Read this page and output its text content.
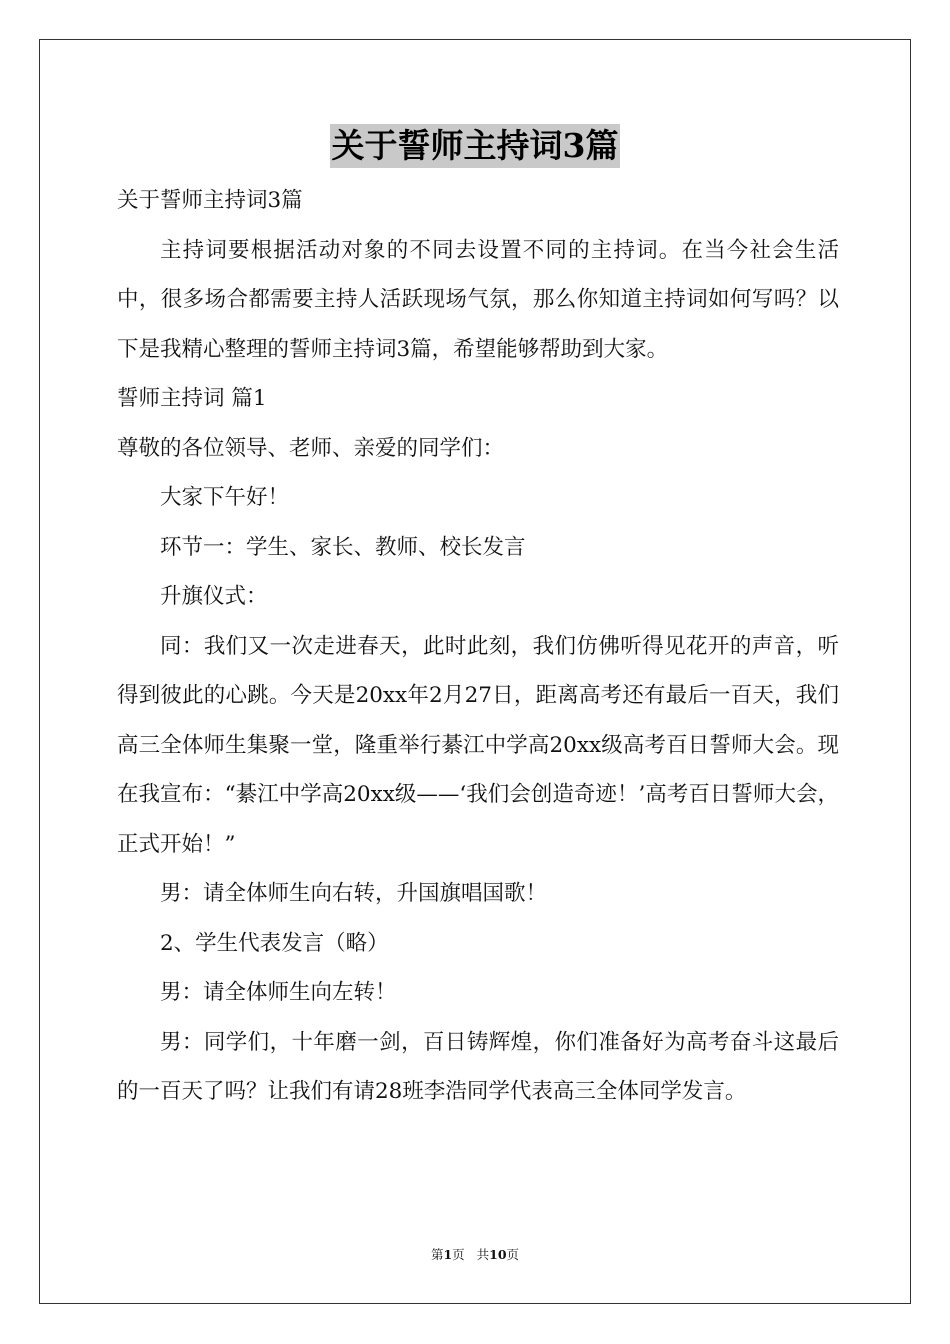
关于誓师主持词3篇

关于誓师主持词3篇

主持词要根据活动对象的不同去设置不同的主持词。在当今社会生活中，很多场合都需要主持人活跃现场气氛，那么你知道主持词如何写吗？以下是我精心整理的誓师主持词3篇，希望能够帮助到大家。

誓师主持词 篇1

尊敬的各位领导、老师、亲爱的同学们：

大家下午好！

环节一：学生、家长、教师、校长发言

升旗仪式：

同：我们又一次走进春天，此时此刻，我们仿佛听得见花开的声音，听得到彼此的心跳。今天是20xx年2月27日，距离高考还有最后一百天，我们高三全体师生集聚一堂，隆重举行綦江中学高20xx级高考百日誓师大会。现在我宣布：“綦江中学高20xx级——‘我们会创造奇迹！’高考百日誓师大会，正式开始！”

男：请全体师生向右转，升国旗唱国歌！

2、学生代表发言（略）

男：请全体师生向左转！

男：同学们，十年磨一剑，百日铸辉煌，你们准备好为高考奋斗这最后的一百天了吗？让我们有请28班李浩同学代表高三全体同学发言。

第1页 共10页
